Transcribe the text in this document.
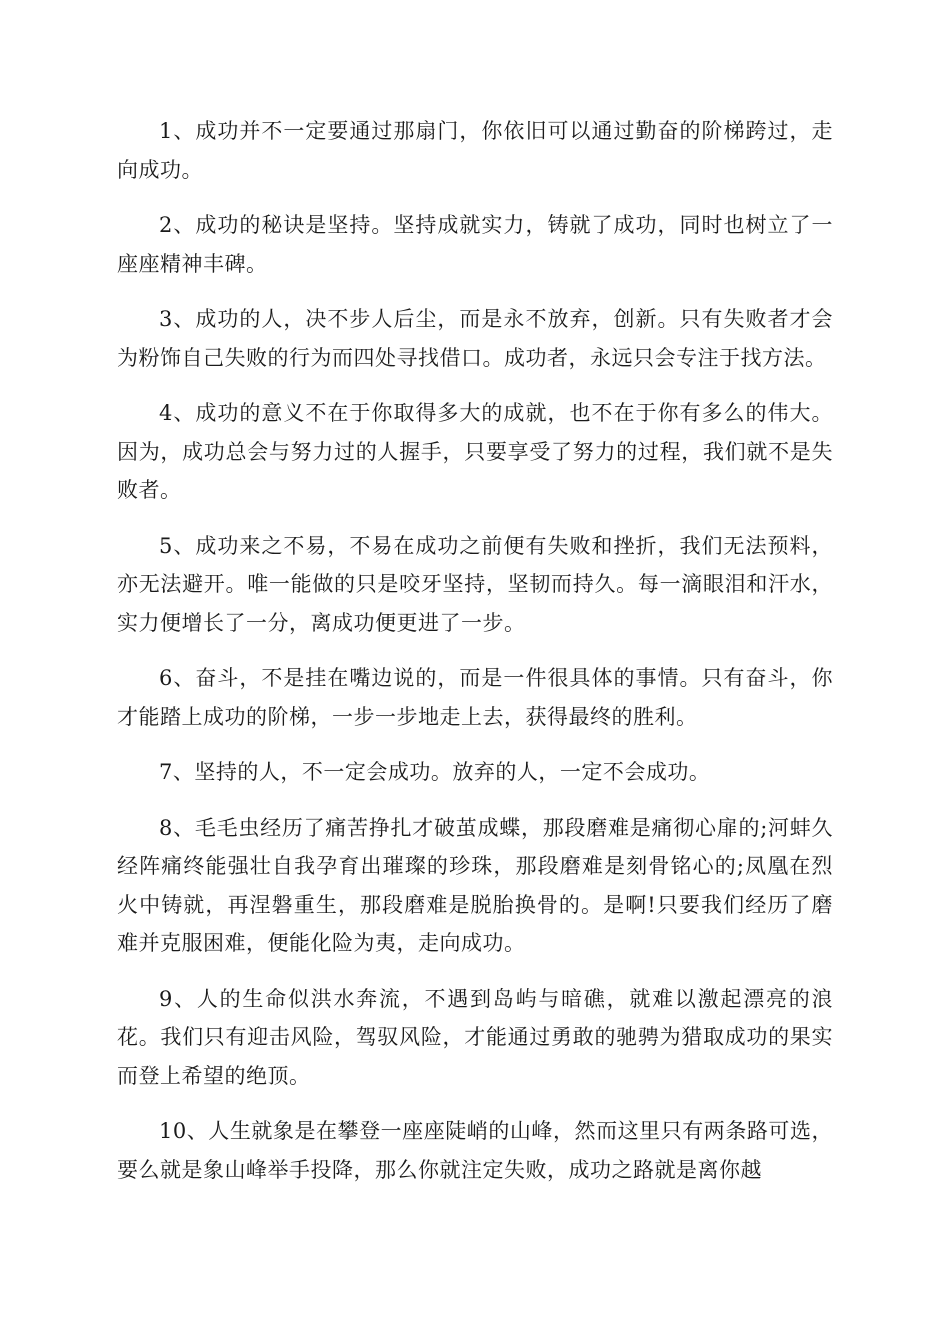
1、成功并不一定要通过那扇门，你依旧可以通过勤奋的阶梯跨过，走向成功。

2、成功的秘诀是坚持。坚持成就实力，铸就了成功，同时也树立了一座座精神丰碑。

3、成功的人，决不步人后尘，而是永不放弃，创新。只有失败者才会为粉饰自己失败的行为而四处寻找借口。成功者，永远只会专注于找方法。

4、成功的意义不在于你取得多大的成就，也不在于你有多么的伟大。因为，成功总会与努力过的人握手，只要享受了努力的过程，我们就不是失败者。

5、成功来之不易，不易在成功之前便有失败和挫折，我们无法预料，亦无法避开。唯一能做的只是咬牙坚持，坚韧而持久。每一滴眼泪和汗水，实力便增长了一分，离成功便更进了一步。

6、奋斗，不是挂在嘴边说的，而是一件很具体的事情。只有奋斗，你才能踏上成功的阶梯，一步一步地走上去，获得最终的胜利。

7、坚持的人，不一定会成功。放弃的人，一定不会成功。

8、毛毛虫经历了痛苦挣扎才破茧成蝶，那段磨难是痛彻心扉的;河蚌久经阵痛终能强壮自我孕育出璀璨的珍珠，那段磨难是刻骨铭心的;凤凰在烈火中铸就，再涅磐重生，那段磨难是脱胎换骨的。是啊!只要我们经历了磨难并克服困难，便能化险为夷，走向成功。

9、人的生命似洪水奔流，不遇到岛屿与暗礁，就难以激起漂亮的浪花。我们只有迎击风险，驾驭风险，才能通过勇敢的驰骋为猎取成功的果实而登上希望的绝顶。

10、人生就象是在攀登一座座陡峭的山峰，然而这里只有两条路可选，要么就是象山峰举手投降，那么你就注定失败，成功之路就是离你越
